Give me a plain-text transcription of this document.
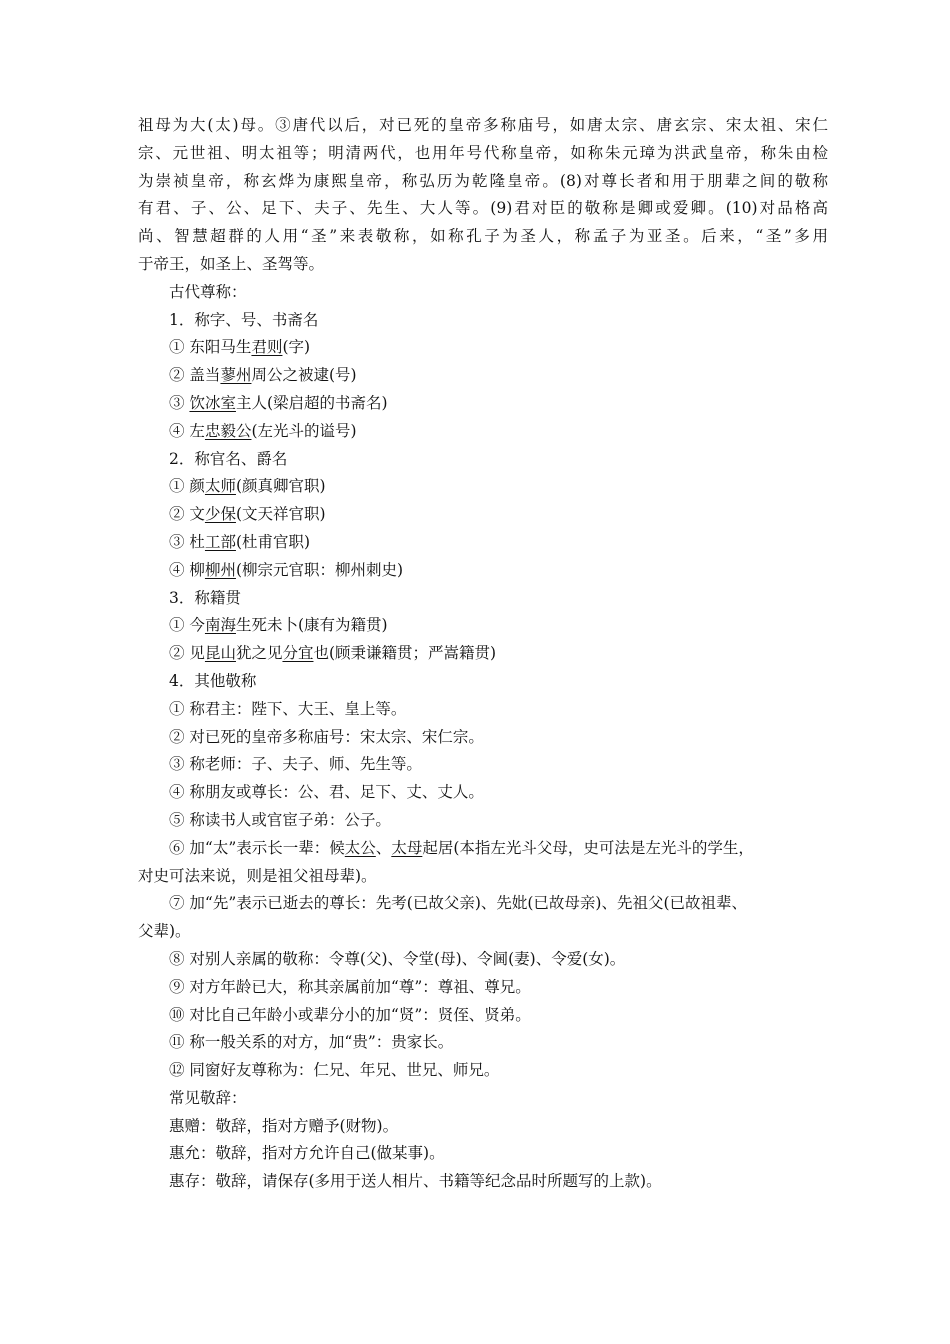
祖母为大(太)母。③唐代以后，对已死的皇帝多称庙号，如唐太宗、唐玄宗、宋太祖、宋仁
宗、元世祖、明太祖等；明清两代，也用年号代称皇帝，如称朱元璋为洪武皇帝，称朱由检
为崇祯皇帝，称玄烨为康熙皇帝，称弘历为乾隆皇帝。(8)对尊长者和用于朋辈之间的敬称
有君、子、公、足下、夫子、先生、大人等。(9)君对臣的敬称是卿或爱卿。(10)对品格高
尚、智慧超群的人用“圣”来表敬称，如称孔子为圣人，称孟子为亚圣。后来，“圣”多用
于帝王，如圣上、圣驾等。
古代尊称：
1．称字、号、书斋名
① 东阳马生君则(字)
② 盖当蓼州周公之被逮(号)
③ 饮冰室主人(梁启超的书斋名)
④ 左忠毅公(左光斗的谥号)
2．称官名、爵名
① 颜太师(颜真卿官职)
② 文少保(文天祥官职)
③ 杜工部(杜甫官职)
④ 柳柳州(柳宗元官职：柳州刺史)
3．称籍贯
① 今南海生死未卜(康有为籍贯)
② 见昆山犹之见分宜也(顾秉谦籍贯；严嵩籍贯)
4．其他敬称
① 称君主：陛下、大王、皇上等。
② 对已死的皇帝多称庙号：宋太宗、宋仁宗。
③ 称老师：子、夫子、师、先生等。
④ 称朋友或尊长：公、君、足下、丈、丈人。
⑤ 称读书人或官宦子弟：公子。
⑥ 加“太”表示长一辈：候太公、太母起居(本指左光斗父母，史可法是左光斗的学生，
对史可法来说，则是祖父祖母辈)。
⑦ 加“先”表示已逝去的尊长：先考(已故父亲)、先妣(已故母亲)、先祖父(已故祖辈、
父辈)。
⑧ 对别人亲属的敬称：令尊(父)、令堂(母)、令阃(妻)、令爱(女)。
⑨ 对方年龄已大，称其亲属前加“尊”：尊祖、尊兄。
⑩ 对比自己年龄小或辈分小的加“贤”：贤侄、贤弟。
⑪ 称一般关系的对方，加“贵”：贵家长。
⑫ 同窗好友尊称为：仁兄、年兄、世兄、师兄。
常见敬辞：
惠赠：敬辞，指对方赠予(财物)。
惠允：敬辞，指对方允许自己(做某事)。
惠存：敬辞，请保存(多用于送人相片、书籍等纪念品时所题写的上款)。
